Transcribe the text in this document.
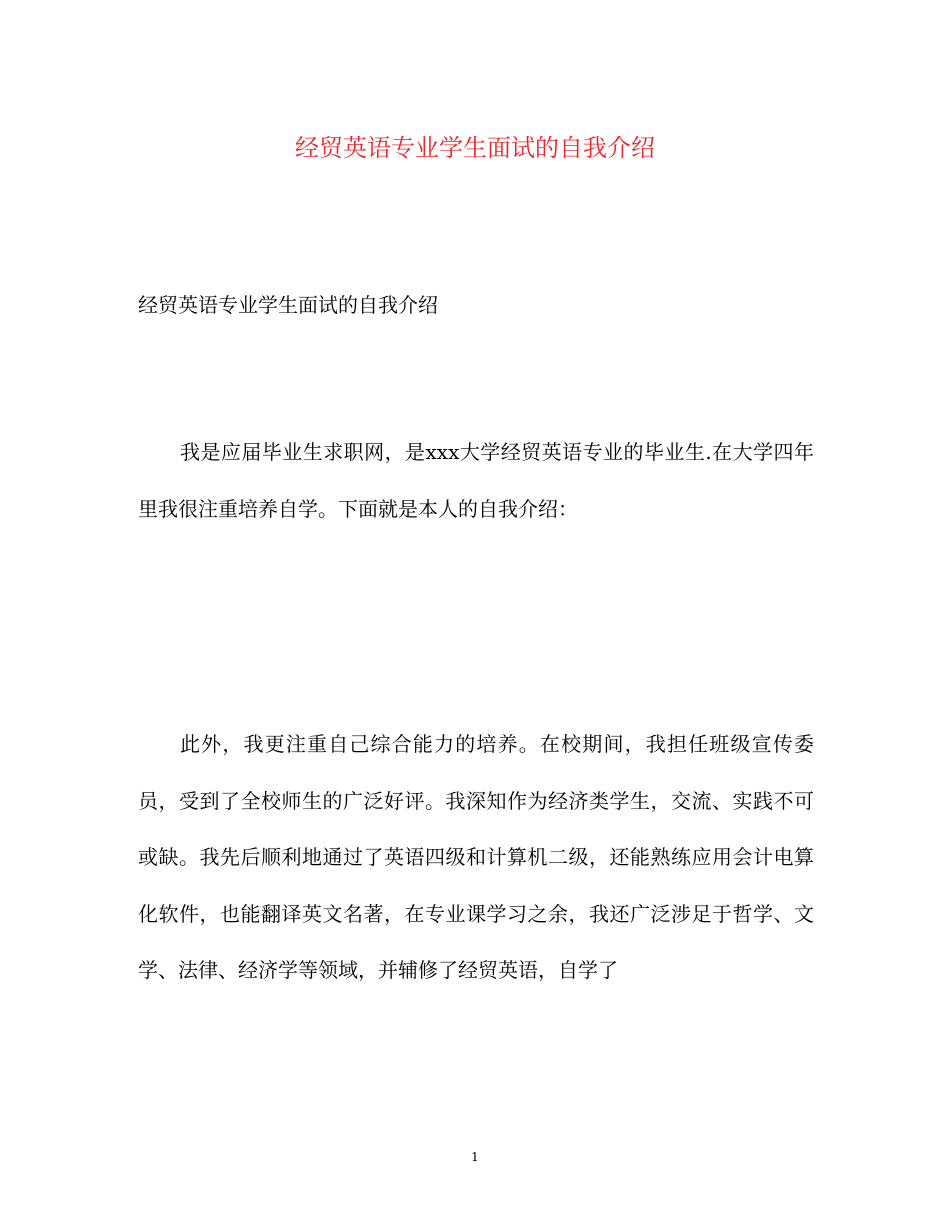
经贸英语专业学生面试的自我介绍

经贸英语专业学生面试的自我介绍

我是应届毕业生求职网，是xxx大学经贸英语专业的毕业生.在大学四年里我很注重培养自学。下面就是本人的自我介绍：

此外，我更注重自己综合能力的培养。在校期间，我担任班级宣传委员，受到了全校师生的广泛好评。我深知作为经济类学生，交流、实践不可或缺。我先后顺利地通过了英语四级和计算机二级，还能熟练应用会计电算化软件，也能翻译英文名著，在专业课学习之余，我还广泛涉足于哲学、文学、法律、经济学等领域，并辅修了经贸英语，自学了

1
